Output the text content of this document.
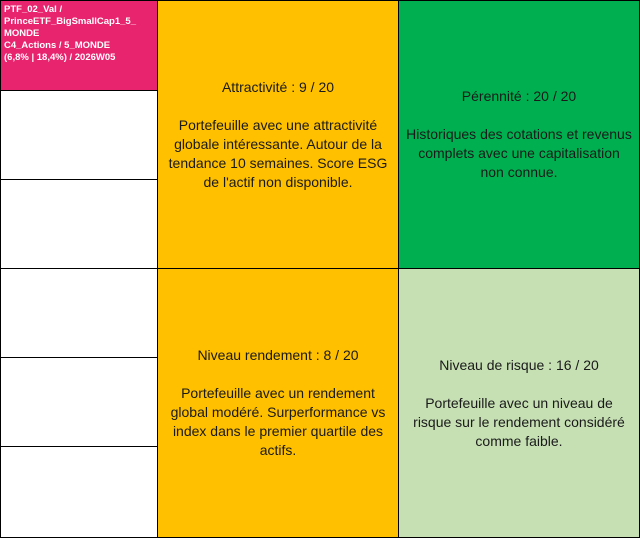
PTF_02_Val /
PrinceETF_BigSmallCap1_5_
MONDE
C4_Actions / 5_MONDE
(6,8% | 18,4%) / 2026W05
Attractivité : 9 / 20
Portefeuille avec une attractivité globale intéressante. Autour de la tendance 10 semaines. Score ESG de l'actif non disponible.
Pérennité : 20 / 20
Historiques des cotations et revenus complets avec une capitalisation non connue.
Niveau rendement : 8 / 20
Portefeuille avec un rendement global modéré. Surperformance vs index dans le premier quartile des actifs.
Niveau de risque : 16 / 20
Portefeuille avec un niveau de risque sur le rendement considéré comme faible.
